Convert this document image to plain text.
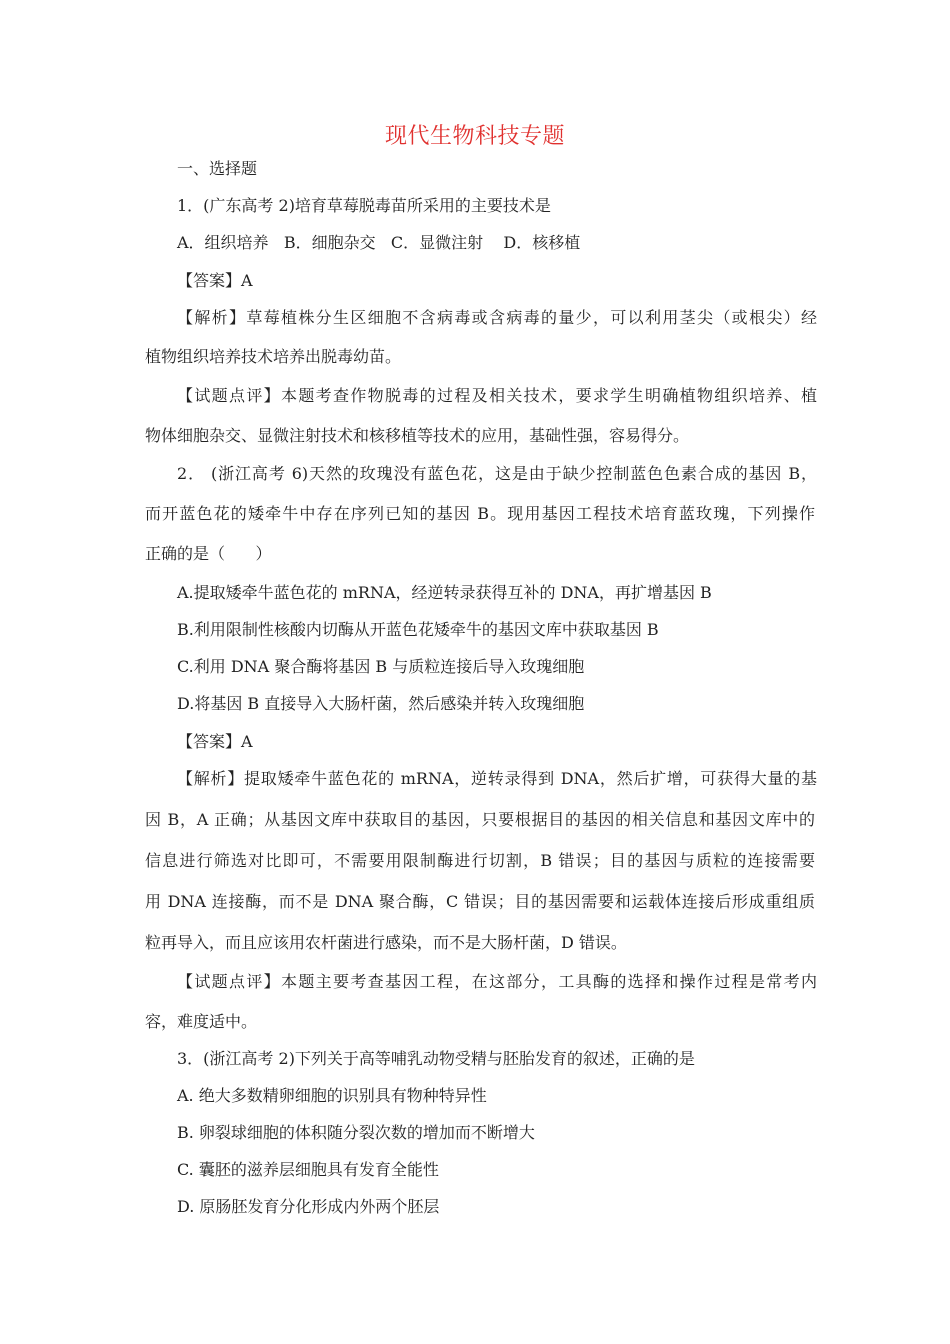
现代生物科技专题
一、选择题
1．(广东高考 2)培育草莓脱毒苗所采用的主要技术是
A．组织培养   B．细胞杂交   C．显微注射    D．核移植
【答案】A
【解析】草莓植株分生区细胞不含病毒或含病毒的量少，可以利用茎尖（或根尖）经
植物组织培养技术培养出脱毒幼苗。
【试题点评】本题考查作物脱毒的过程及相关技术，要求学生明确植物组织培养、植
物体细胞杂交、显微注射技术和核移植等技术的应用，基础性强，容易得分。
2． (浙江高考 6)天然的玫瑰没有蓝色花，这是由于缺少控制蓝色色素合成的基因 B，
而开蓝色花的矮牵牛中存在序列已知的基因 B。现用基因工程技术培育蓝玫瑰，下列操作
正确的是（      ）
A.提取矮牵牛蓝色花的 mRNA，经逆转录获得互补的 DNA，再扩增基因 B
B.利用限制性核酸内切酶从开蓝色花矮牵牛的基因文库中获取基因 B
C.利用 DNA 聚合酶将基因 B 与质粒连接后导入玫瑰细胞
D.将基因 B 直接导入大肠杆菌，然后感染并转入玫瑰细胞
【答案】A
【解析】提取矮牵牛蓝色花的 mRNA，逆转录得到 DNA，然后扩增，可获得大量的基
因 B，A 正确；从基因文库中获取目的基因，只要根据目的基因的相关信息和基因文库中的
信息进行筛选对比即可，不需要用限制酶进行切割，B 错误；目的基因与质粒的连接需要
用 DNA 连接酶，而不是 DNA 聚合酶，C 错误；目的基因需要和运载体连接后形成重组质
粒再导入，而且应该用农杆菌进行感染，而不是大肠杆菌，D 错误。
【试题点评】本题主要考查基因工程，在这部分，工具酶的选择和操作过程是常考内
容，难度适中。
3．(浙江高考 2)下列关于高等哺乳动物受精与胚胎发育的叙述，正确的是
A. 绝大多数精卵细胞的识别具有物种特异性
B. 卵裂球细胞的体积随分裂次数的增加而不断增大
C. 囊胚的滋养层细胞具有发育全能性
D. 原肠胚发育分化形成内外两个胚层
